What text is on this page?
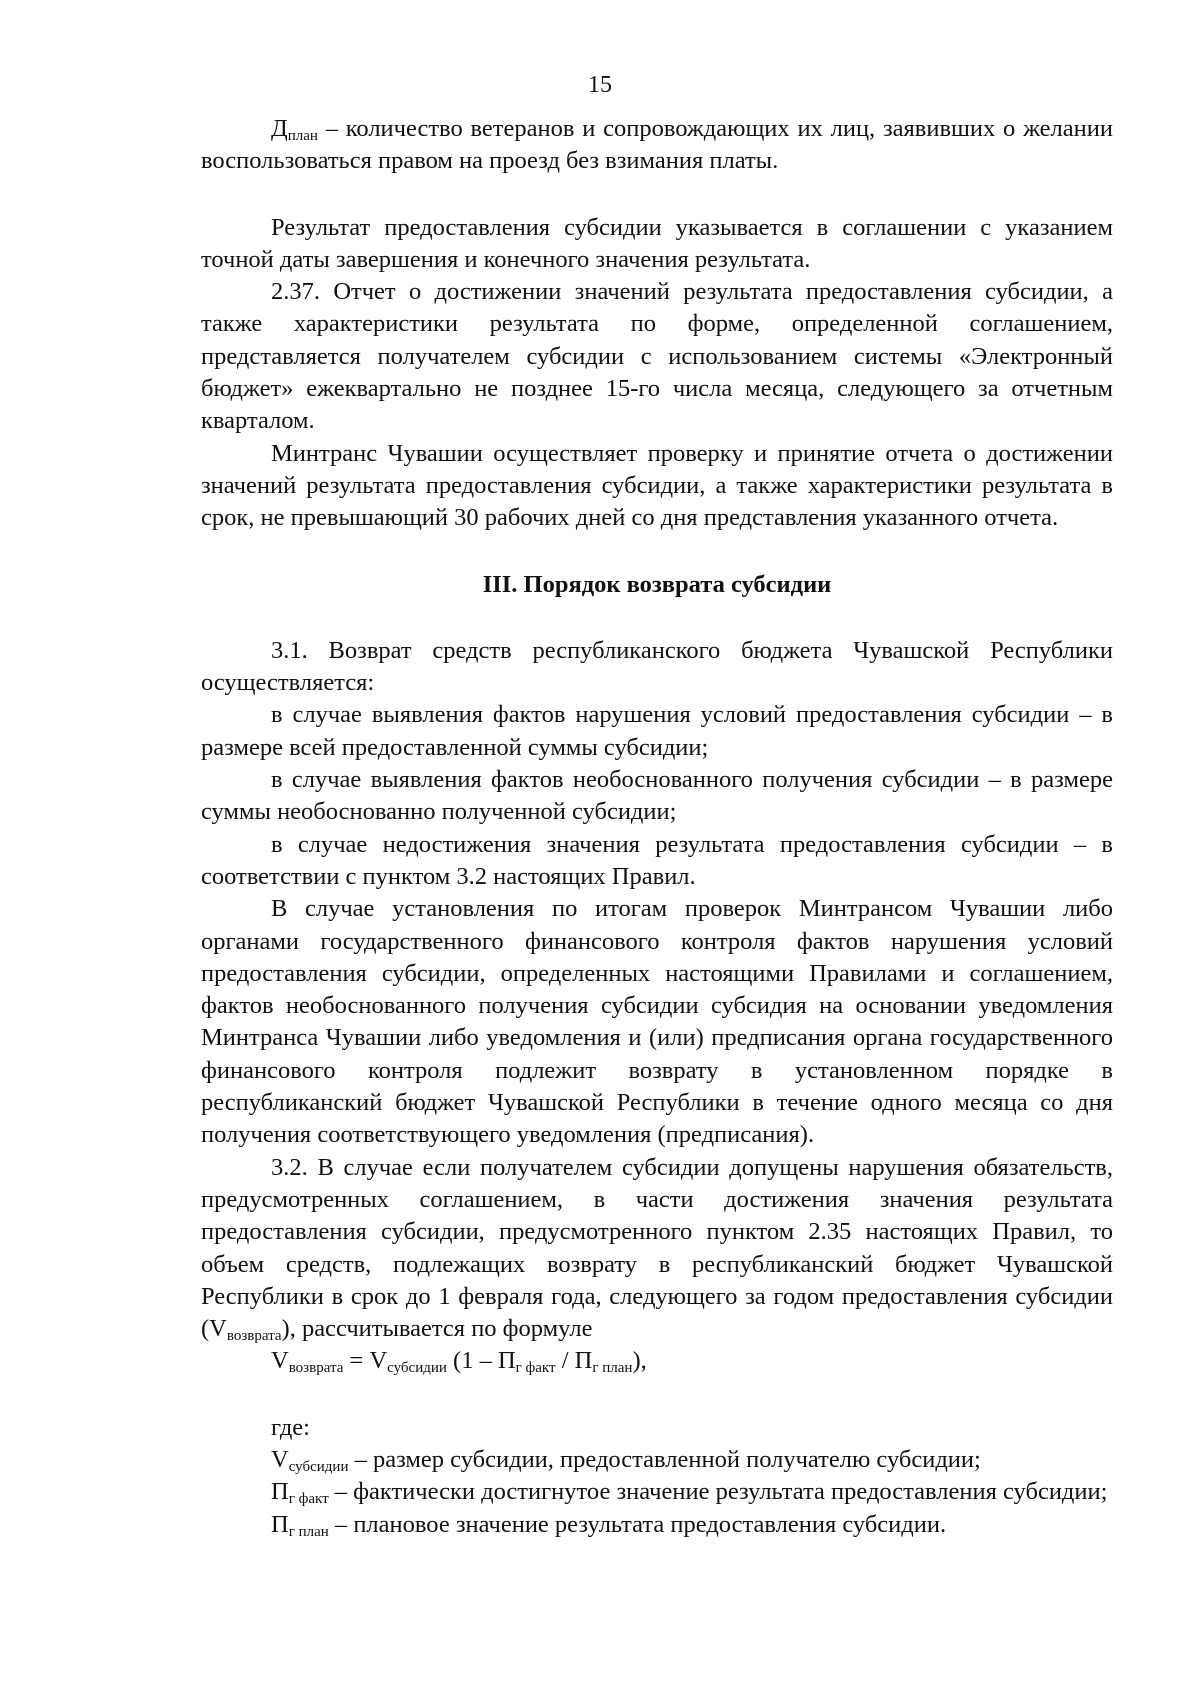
15

$Д_{план}$ – количество ветеранов и сопровождающих их лиц, заявивших о желании воспользоваться правом на проезд без взимания платы.

Результат предоставления субсидии указывается в соглашении с указанием точной даты завершения и конечного значения результата.

2.37. Отчет о достижении значений результата предоставления субсидии, а также характеристики результата по форме, определенной соглашением, представляется получателем субсидии с использованием системы «Электронный бюджет» ежеквартально не позднее 15-го числа месяца, следующего за отчетным кварталом.

Минтранс Чувашии осуществляет проверку и принятие отчета о достижении значений результата предоставления субсидии, а также характеристики результата в срок, не превышающий 30 рабочих дней со дня представления указанного отчета.

III. Порядок возврата субсидии

3.1. Возврат средств республиканского бюджета Чувашской Республики осуществляется:

в случае выявления фактов нарушения условий предоставления субсидии – в размере всей предоставленной суммы субсидии;

в случае выявления фактов необоснованного получения субсидии – в размере суммы необоснованно полученной субсидии;

в случае недостижения значения результата предоставления субсидии – в соответствии с пунктом 3.2 настоящих Правил.

В случае установления по итогам проверок Минтрансом Чувашии либо органами государственного финансового контроля фактов нарушения условий предоставления субсидии, определенных настоящими Правилами и соглашением, фактов необоснованного получения субсидии субсидия на основании уведомления Минтранса Чувашии либо уведомления и (или) предписания органа государственного финансового контроля подлежит возврату в установленном порядке в республиканский бюджет Чувашской Республики в течение одного месяца со дня получения соответствующего уведомления (предписания).

3.2. В случае если получателем субсидии допущены нарушения обязательств, предусмотренных соглашением, в части достижения значения результата предоставления субсидии, предусмотренного пунктом 2.35 настоящих Правил, то объем средств, подлежащих возврату в республиканский бюджет Чувашской Республики в срок до 1 февраля года, следующего за годом предоставления субсидии $(V_{возврата})$, рассчитывается по формуле

$V_{возврата} = V_{субсидии}$ $(1 - П_{г факт} / П_{г план})$,

где:

$V_{субсидии}$ – размер субсидии, предоставленной получателю субсидии;

$П_{г факт}$ – фактически достигнутое значение результата предоставления субсидии;

$П_{г план}$ – плановое значение результата предоставления субсидии.
